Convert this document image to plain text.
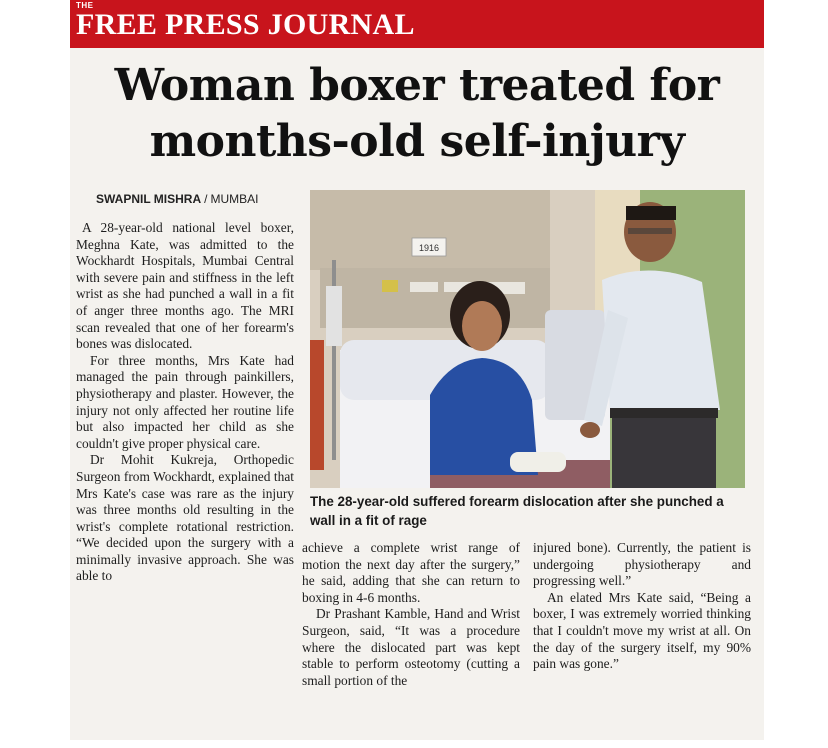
THE
FREE PRESS JOURNAL
Woman boxer treated for
months-old self-injury
SWAPNIL MISHRA / MUMBAI

A 28-year-old national level boxer, Meghna Kate, was admitted to the Wockhardt Hospitals, Mumbai Central with severe pain and stiffness in the left wrist as she had punched a wall in a fit of anger three months ago. The MRI scan revealed that one of her forearm's bones was dislocated.

For three months, Mrs Kate had managed the pain through painkillers, physiotherapy and plaster. However, the injury not only affected her routine life but also impacted her child as she couldn't give proper physical care.

Dr Mohit Kukreja, Orthopedic Surgeon from Wockhardt, explained that Mrs Kate's case was rare as the injury was three months old resulting in the wrist's complete rotational restriction. “We decided upon the surgery with a minimally invasive approach. She was able to

1916
The 28-year-old suffered forearm dislocation after she punched a wall in a fit of rage

achieve a complete wrist range of motion the next day after the surgery,” he said, adding that she can return to boxing in 4-6 months.

Dr Prashant Kamble, Hand and Wrist Surgeon, said, “It was a procedure where the dislocated part was kept stable to perform osteotomy (cutting a small portion of the

injured bone). Currently, the patient is undergoing physiotherapy and progressing well.”

An elated Mrs Kate said, “Being a boxer, I was extremely worried thinking that I couldn't move my wrist at all. On the day of the surgery itself, my 90% pain was gone.”
